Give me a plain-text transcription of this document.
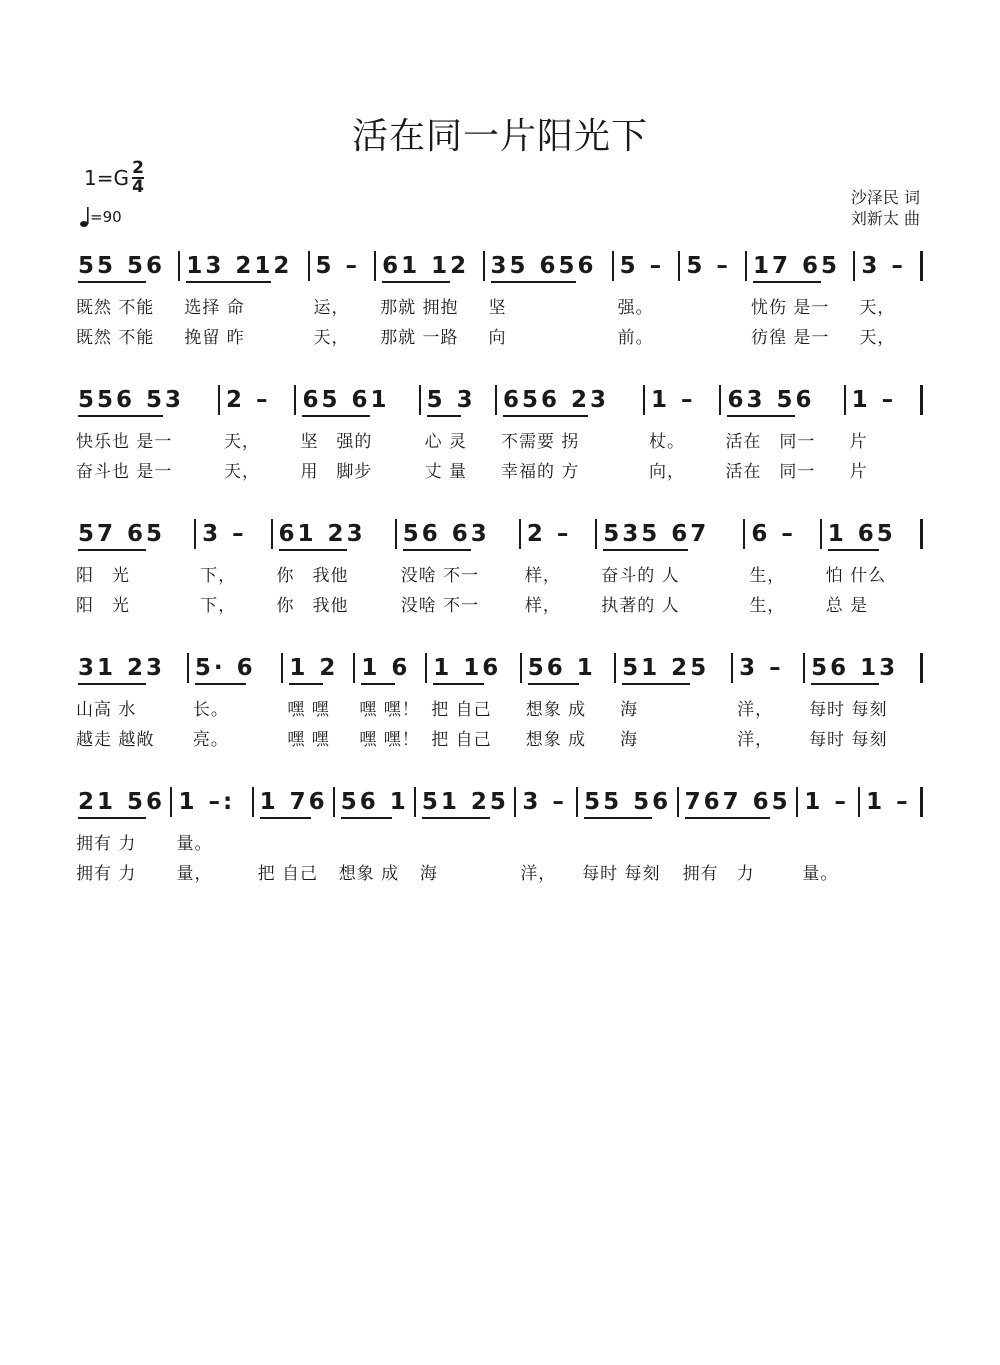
活在同一片阳光下
$1=G \frac{2}{4}$
=90
沙泽民 词
刘新太 曲
55 56
既然 不能
既然 不能
13 212
选择 命
挽留 昨
5 –
运，
天，
61 12
那就 拥抱
那就 一路
35 656
坚
向
5 –
强。
前。
5 – 17 65
忧伤 是一
彷徨 是一
3 –
天，
天，
556 53
快乐也 是一
奋斗也 是一
2 –
天，
天，
65 61
坚　强的
用　脚步
5 3
心 灵
丈 量
656 23
不需要 拐
幸福的 方
1 –
杖。
向，
63 56
活在　同一
活在　同一
1 –
片
片
57 65
阳　光
阳　光
3 –
下，
下，
61 23
你　我他
你　我他
56 63
没啥 不一
没啥 不一
2 –
样，
样，
535 67
奋斗的 人
执著的 人
6 –
生，
生，
1 65
怕 什么
总 是
31 23
山高 水
越走 越敞
5· 6
长。
亮。
1 2
嘿 嘿
嘿 嘿
1 6
嘿 嘿！
嘿 嘿！
1 16
把 自己
把 自己
56 1
想象 成
想象 成
51 25
海
海
3 –
洋，
洋，
56 13
每时 每刻
每时 每刻
21 56
拥有 力
拥有 力
1 –:
量。
量，
1 76
把 自己
56 1
想象 成
51 25
海
3 –
洋，
55 56
每时 每刻
767 65
拥有　力
1 –
量。
1 –
